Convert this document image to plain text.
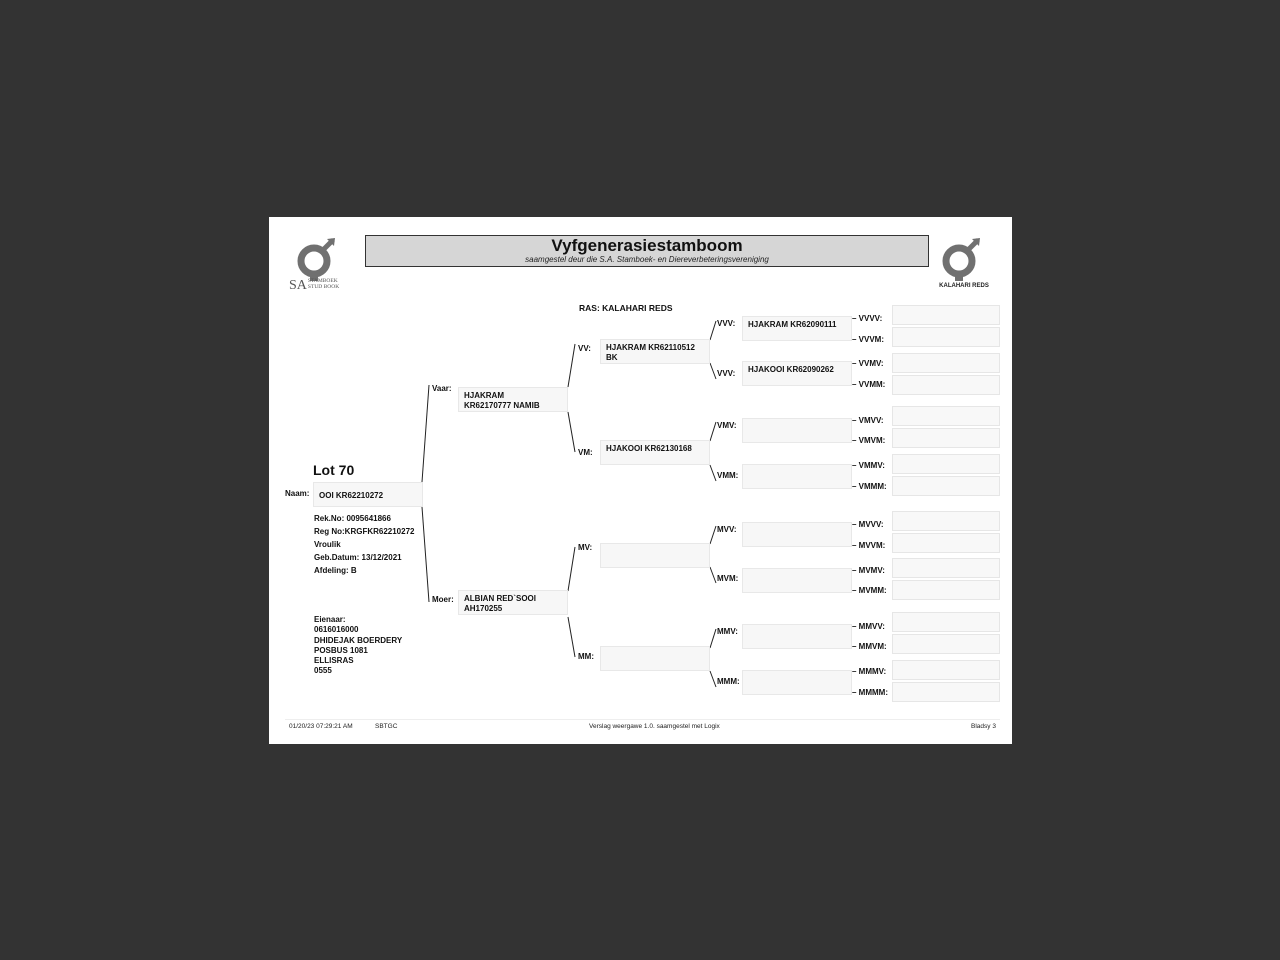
SASTAMBOEK
STUD BOOK
Vyfgenerasiestamboom
saamgestel deur die S.A. Stamboek- en Diereverbeteringsvereniging
KALAHARI REDS
RAS: KALAHARI REDS
Lot 70
Naam:	OOI KR62210272
Rek.No: 0095641866
Reg No:KRGFKR62210272
Vroulik
Geb.Datum: 13/12/2021
Afdeling: B
Eienaar:
0616016000
DHIDEJAK BOERDERY
POSBUS 1081
ELLISRAS
0555
Vaar:
HJAKRAM
KR62170777 NAMIB
Moer: ALBIAN RED`SOOI
AH170255
VV: HJAKRAM KR62110512
BK
VM: HJAKOOI KR62130168
MV:
MM:
VVV:	HJAKRAM KR62090111
VVV:	HJAKOOI KR62090262
VMV:
VMM:
MVV:
MVM:
MMV:
MMM:
– VVVV:
– VVVM:
– VVMV:
– VVMM:
– VMVV:
– VMVM:
– VMMV:
– VMMM:
– MVVV:
– MVVM:
– MVMV:
– MVMM:
– MMVV:
– MMVM:
– MMMV:
– MMMM:
01/20/23 07:29:21 AM	SBTGC	Verslag weergawe 1.0. saamgestel met Logix	Bladsy 3
